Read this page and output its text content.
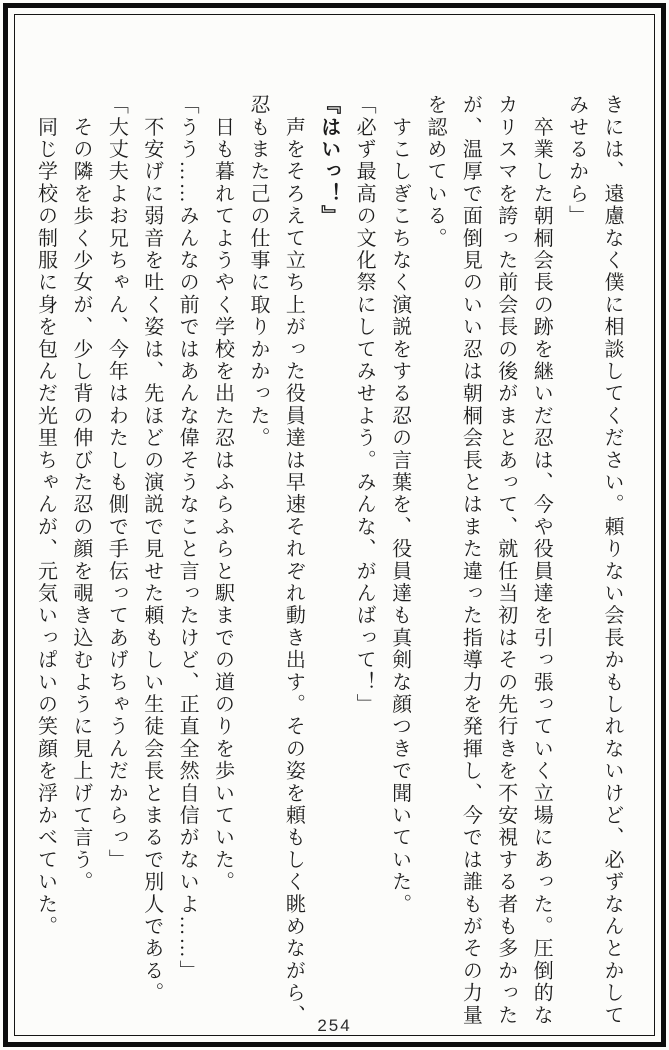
きには、遠慮なく僕に相談してください。頼りない会長かもしれないけど、必ずなんとかしてみせるから」

　卒業した朝桐会長の跡を継いだ忍は、今や役員達を引っ張っていく立場にあった。圧倒的なカリスマを誇った前会長の後がまとあって、就任当初はその先行きを不安視する者も多かったが、温厚で面倒見のいい忍は朝桐会長とはまた違った指導力を発揮し、今では誰もがその力量を認めている。

　すこしぎこちなく演説をする忍の言葉を、役員達も真剣な顔つきで聞いていた。

「必ず最高の文化祭にしてみせよう。みんな、がんばって！」

『はいっ！』

　声をそろえて立ち上がった役員達は早速それぞれ動き出す。その姿を頼もしく眺めながら、忍もまた己の仕事に取りかかった。

　日も暮れてようやく学校を出た忍はふらふらと駅までの道のりを歩いていた。

「うう……みんなの前ではあんな偉そうなこと言ったけど、正直全然自信がないよ……」

　不安げに弱音を吐く姿は、先ほどの演説で見せた頼もしい生徒会長とまるで別人である。

「大丈夫よお兄ちゃん、今年はわたしも側で手伝ってあげちゃうんだからっ」

　その隣を歩く少女が、少し背の伸びた忍の顔を覗き込むように見上げて言う。

　同じ学校の制服に身を包んだ光里ちゃんが、元気いっぱいの笑顔を浮かべていた。

254
